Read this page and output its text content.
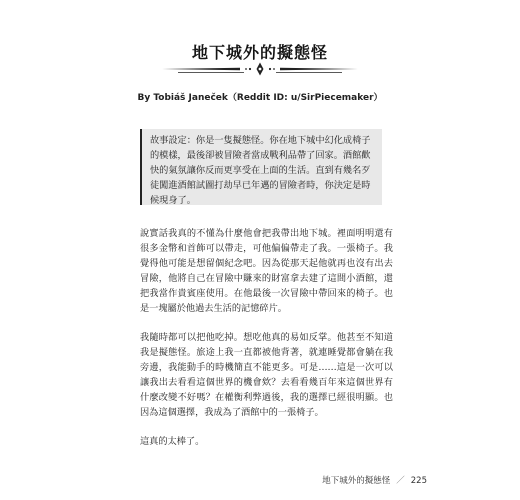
地下城外的擬態怪
By Tobiáš Janeček（Reddit ID: u/SirPiecemaker）
故事設定：你是一隻擬態怪。你在地下城中幻化成椅子的模樣，最後卻被冒險者當成戰利品帶了回家。酒館歡快的氣氛讓你反而更享受在上面的生活。直到有幾名歹徒闖進酒館試圖打劫早已年邁的冒險者時，你決定是時候現身了。

說實話我真的不懂為什麼他會把我帶出地下城。裡面明明還有很多金幣和首飾可以帶走，可他偏偏帶走了我。一張椅子。我覺得他可能是想留個紀念吧。因為從那天起他就再也沒有出去冒險，他將自己在冒險中賺來的財富拿去建了這間小酒館，還把我當作貴賓座使用。在他最後一次冒險中帶回來的椅子。也是一塊屬於他過去生活的記憶碎片。

我隨時都可以把他吃掉。想吃他真的易如反掌。他甚至不知道我是擬態怪。旅途上我一直都被他背著，就連睡覺都會躺在我旁邊，我能動手的時機簡直不能更多。可是……這是一次可以讓我出去看看這個世界的機會欸？去看看幾百年來這個世界有什麼改變不好嗎？在權衡利弊過後，我的選擇已經很明顯。也因為這個選擇，我成為了酒館中的一張椅子。

這真的太棒了。

地下城外的擬態怪 ／ 225
